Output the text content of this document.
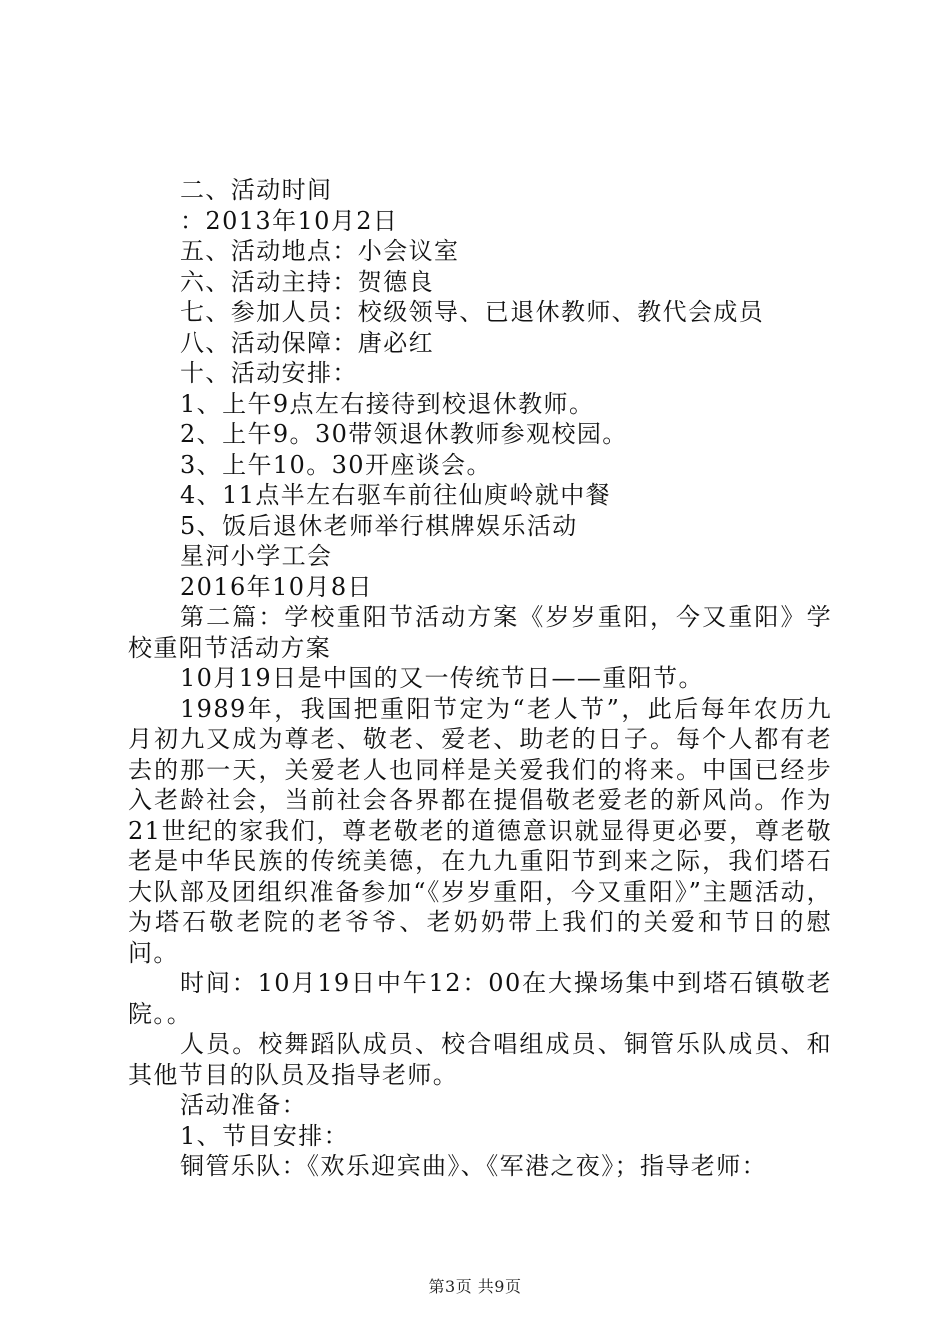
二、活动时间
：2013年10月2日
五、活动地点：小会议室
六、活动主持：贺德良
七、参加人员：校级领导、已退休教师、教代会成员
八、活动保障：唐必红
十、活动安排：
1、上午9点左右接待到校退休教师。
2、上午9。30带领退休教师参观校园。
3、上午10。30开座谈会。
4、11点半左右驱车前往仙庾岭就中餐
5、饭后退休老师举行棋牌娱乐活动
星河小学工会
2016年10月8日

第二篇：学校重阳节活动方案《岁岁重阳，今又重阳》学校重阳节活动方案

10月19日是中国的又一传统节日——重阳节。

1989年，我国把重阳节定为“老人节”，此后每年农历九月初九又成为尊老、敬老、爱老、助老的日子。每个人都有老去的那一天，关爱老人也同样是关爱我们的将来。中国已经步入老龄社会，当前社会各界都在提倡敬老爱老的新风尚。作为21世纪的家我们，尊老敬老的道德意识就显得更必要，尊老敬老是中华民族的传统美德，在九九重阳节到来之际，我们塔石大队部及团组织准备参加“《岁岁重阳，今又重阳》”主题活动，为塔石敬老院的老爷爷、老奶奶带上我们的关爱和节日的慰问。

时间：10月19日中午12：00在大操场集中到塔石镇敬老院。。

人员。校舞蹈队成员、校合唱组成员、铜管乐队成员、和其他节目的队员及指导老师。

活动准备：
1、节目安排：
铜管乐队：《欢乐迎宾曲》、《军港之夜》；指导老师：
第3页 共9页
